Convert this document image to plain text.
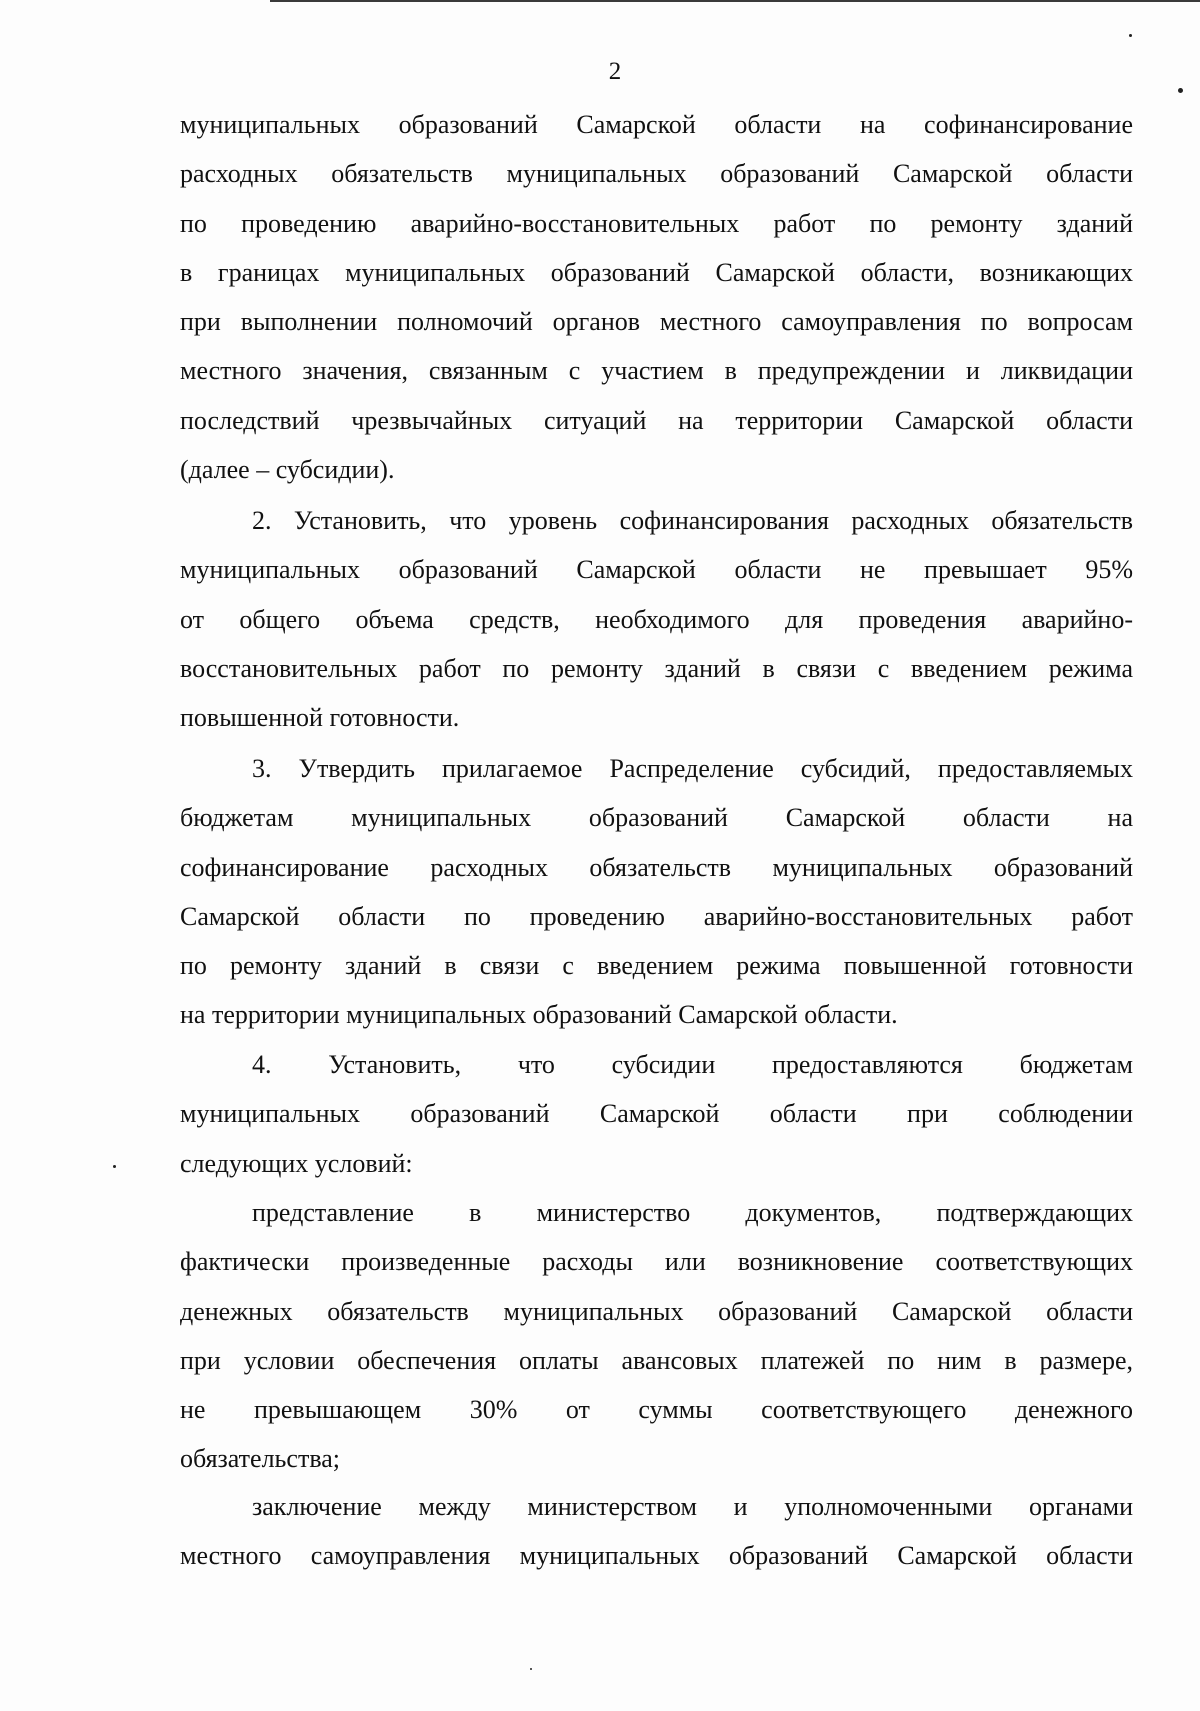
2
муниципальных образований Самарской области на софинансирование
расходных обязательств муниципальных образований Самарской области
по проведению аварийно-восстановительных работ по ремонту зданий
в границах муниципальных образований Самарской области, возникающих
при выполнении полномочий органов местного самоуправления по вопросам
местного значения, связанным с участием в предупреждении и ликвидации
последствий чрезвычайных ситуаций на территории Самарской области
(далее – субсидии).
2. Установить, что уровень софинансирования расходных обязательств
муниципальных образований Самарской области не превышает 95%
от общего объема средств, необходимого для проведения аварийно-
восстановительных работ по ремонту зданий в связи с введением режима
повышенной готовности.
3. Утвердить прилагаемое Распределение субсидий, предоставляемых
бюджетам муниципальных образований Самарской области на
софинансирование расходных обязательств муниципальных образований
Самарской области по проведению аварийно-восстановительных работ
по ремонту зданий в связи с введением режима повышенной готовности
на территории муниципальных образований Самарской области.
4. Установить, что субсидии предоставляются бюджетам
муниципальных образований Самарской области при соблюдении
следующих условий:
представление в министерство документов, подтверждающих
фактически произведенные расходы или возникновение соответствующих
денежных обязательств муниципальных образований Самарской области
при условии обеспечения оплаты авансовых платежей по ним в размере,
не превышающем 30% от суммы соответствующего денежного
обязательства;
заключение между министерством и уполномоченными органами
местного самоуправления муниципальных образований Самарской области
